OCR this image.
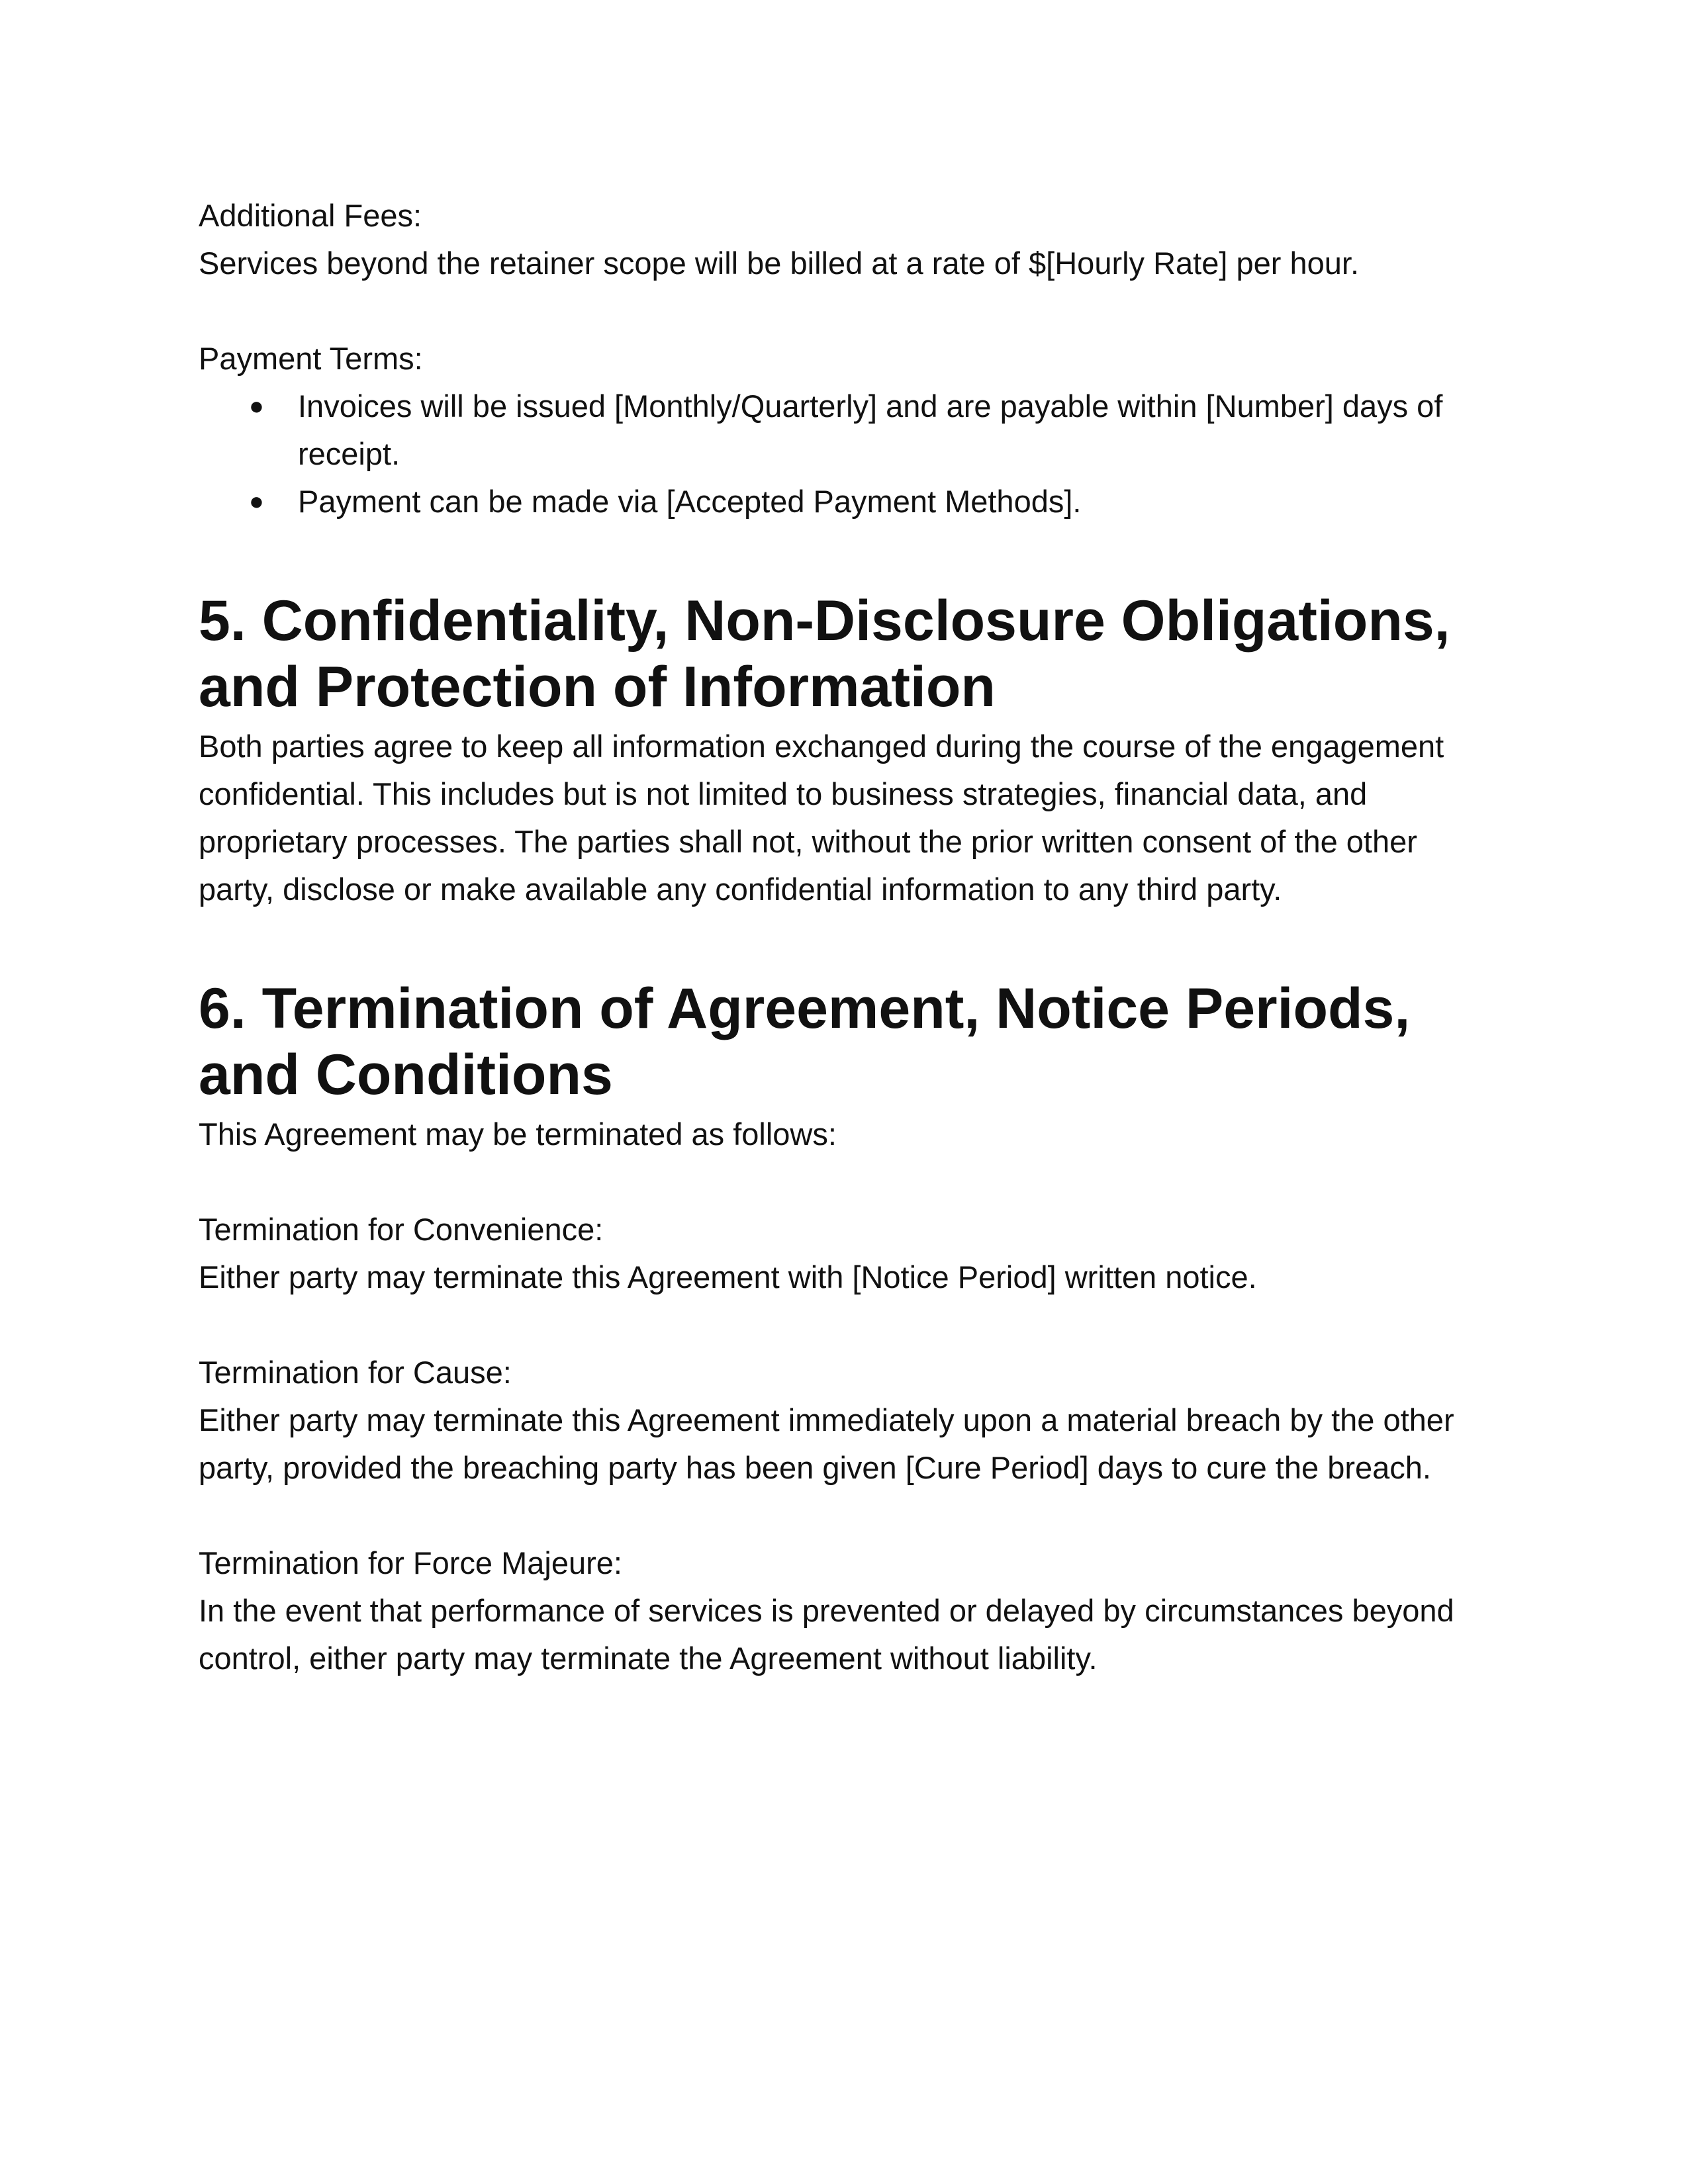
Additional Fees:

Services beyond the retainer scope will be billed at a rate of $[Hourly Rate] per hour.

Payment Terms:

● Invoices will be issued [Monthly/Quarterly] and are payable within [Number] days of receipt.
● Payment can be made via [Accepted Payment Methods].
5. Confidentiality, Non-Disclosure Obligations, and Protection of Information

Both parties agree to keep all information exchanged during the course of the engagement confidential. This includes but is not limited to business strategies, financial data, and proprietary processes. The parties shall not, without the prior written consent of the other party, disclose or make available any confidential information to any third party.

6. Termination of Agreement, Notice Periods, and Conditions

This Agreement may be terminated as follows:

Termination for Convenience:

Either party may terminate this Agreement with [Notice Period] written notice.

Termination for Cause:

Either party may terminate this Agreement immediately upon a material breach by the other party, provided the breaching party has been given [Cure Period] days to cure the breach.

Termination for Force Majeure:

In the event that performance of services is prevented or delayed by circumstances beyond control, either party may terminate the Agreement without liability.
